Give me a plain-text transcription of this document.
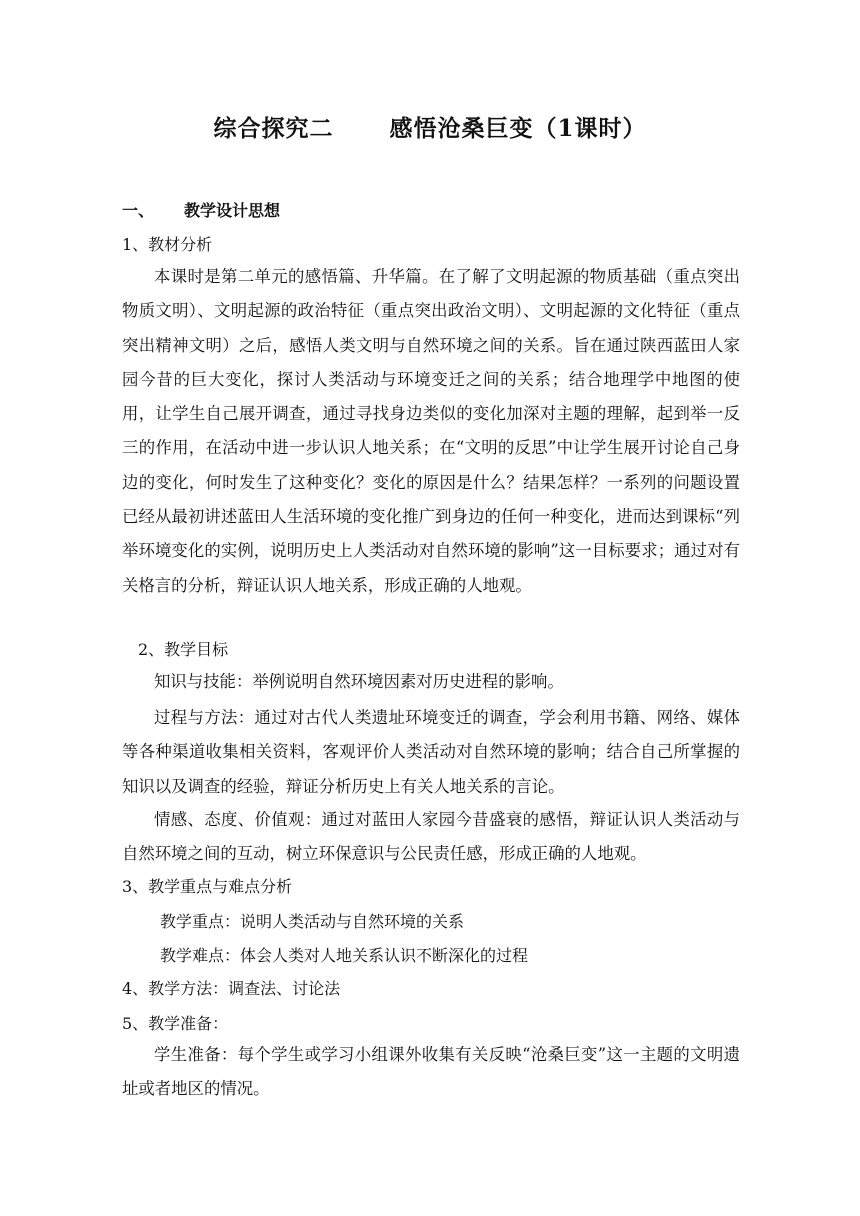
综合探究二 感悟沧桑巨变（1课时）
一、 教学设计思想
1、教材分析
本课时是第二单元的感悟篇、升华篇。在了解了文明起源的物质基础（重点突出物质文明）、文明起源的政治特征（重点突出政治文明）、文明起源的文化特征（重点突出精神文明）之后，感悟人类文明与自然环境之间的关系。旨在通过陕西蓝田人家园今昔的巨大变化，探讨人类活动与环境变迁之间的关系；结合地理学中地图的使用，让学生自己展开调查，通过寻找身边类似的变化加深对主题的理解，起到举一反三的作用，在活动中进一步认识人地关系；在“文明的反思”中让学生展开讨论自己身边的变化，何时发生了这种变化？变化的原因是什么？结果怎样？一系列的问题设置已经从最初讲述蓝田人生活环境的变化推广到身边的任何一种变化，进而达到课标“列举环境变化的实例，说明历史上人类活动对自然环境的影响”这一目标要求；通过对有关格言的分析，辩证认识人地关系，形成正确的人地观。
2、教学目标
知识与技能：举例说明自然环境因素对历史进程的影响。
过程与方法：通过对古代人类遗址环境变迁的调查，学会利用书籍、网络、媒体等各种渠道收集相关资料，客观评价人类活动对自然环境的影响；结合自己所掌握的知识以及调查的经验，辩证分析历史上有关人地关系的言论。
情感、态度、价值观：通过对蓝田人家园今昔盛衰的感悟，辩证认识人类活动与自然环境之间的互动，树立环保意识与公民责任感，形成正确的人地观。
3、教学重点与难点分析
教学重点：说明人类活动与自然环境的关系
教学难点：体会人类对人地关系认识不断深化的过程
4、教学方法：调查法、讨论法
5、教学准备：
学生准备：每个学生或学习小组课外收集有关反映“沧桑巨变”这一主题的文明遗址或者地区的情况。
